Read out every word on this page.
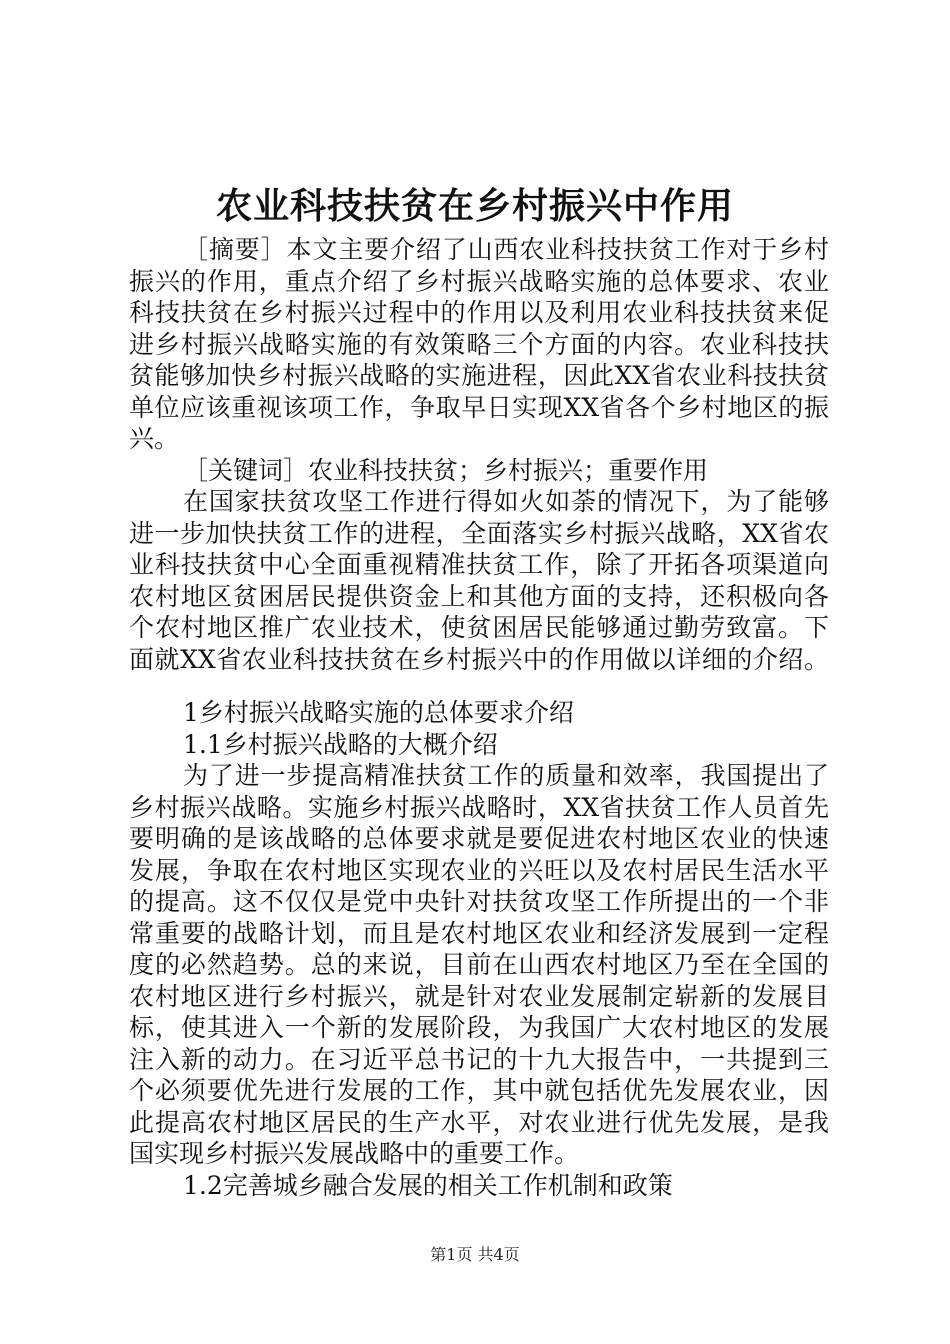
农业科技扶贫在乡村振兴中作用
［摘要］本文主要介绍了山西农业科技扶贫工作对于乡村
振兴的作用，重点介绍了乡村振兴战略实施的总体要求、农业
科技扶贫在乡村振兴过程中的作用以及利用农业科技扶贫来促
进乡村振兴战略实施的有效策略三个方面的内容。农业科技扶
贫能够加快乡村振兴战略的实施进程，因此XX省农业科技扶贫
单位应该重视该项工作，争取早日实现XX省各个乡村地区的振
兴。
［关键词］农业科技扶贫；乡村振兴；重要作用
在国家扶贫攻坚工作进行得如火如荼的情况下，为了能够
进一步加快扶贫工作的进程，全面落实乡村振兴战略，XX省农
业科技扶贫中心全面重视精准扶贫工作，除了开拓各项渠道向
农村地区贫困居民提供资金上和其他方面的支持，还积极向各
个农村地区推广农业技术，使贫困居民能够通过勤劳致富。下
面就XX省农业科技扶贫在乡村振兴中的作用做以详细的介绍。
1乡村振兴战略实施的总体要求介绍
1.1乡村振兴战略的大概介绍
为了进一步提高精准扶贫工作的质量和效率，我国提出了
乡村振兴战略。实施乡村振兴战略时，XX省扶贫工作人员首先
要明确的是该战略的总体要求就是要促进农村地区农业的快速
发展，争取在农村地区实现农业的兴旺以及农村居民生活水平
的提高。这不仅仅是党中央针对扶贫攻坚工作所提出的一个非
常重要的战略计划，而且是农村地区农业和经济发展到一定程
度的必然趋势。总的来说，目前在山西农村地区乃至在全国的
农村地区进行乡村振兴，就是针对农业发展制定崭新的发展目
标，使其进入一个新的发展阶段，为我国广大农村地区的发展
注入新的动力。在习近平总书记的十九大报告中，一共提到三
个必须要优先进行发展的工作，其中就包括优先发展农业，因
此提高农村地区居民的生产水平，对农业进行优先发展，是我
国实现乡村振兴发展战略中的重要工作。
1.2完善城乡融合发展的相关工作机制和政策
第1页 共4页
